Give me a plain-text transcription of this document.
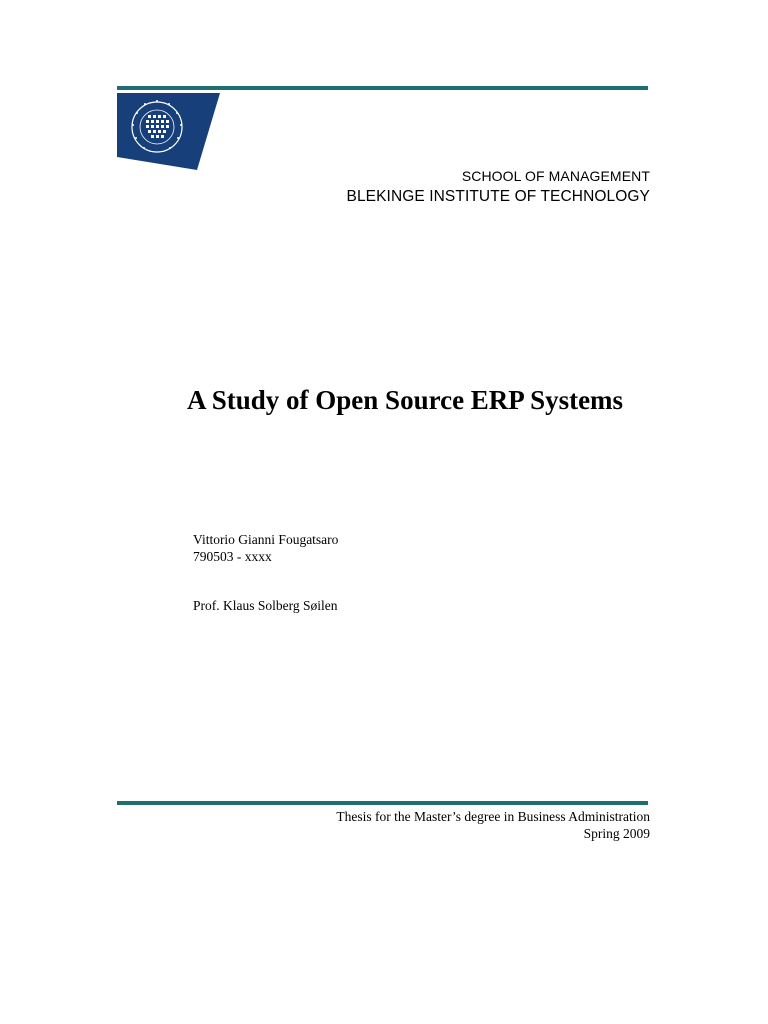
SCHOOL OF MANAGEMENT
BLEKINGE INSTITUTE OF TECHNOLOGY
A Study of Open Source ERP Systems
Vittorio Gianni Fougatsaro
790503 - xxxx
Prof. Klaus Solberg Søilen
Thesis for the Master’s degree in Business Administration
Spring 2009
